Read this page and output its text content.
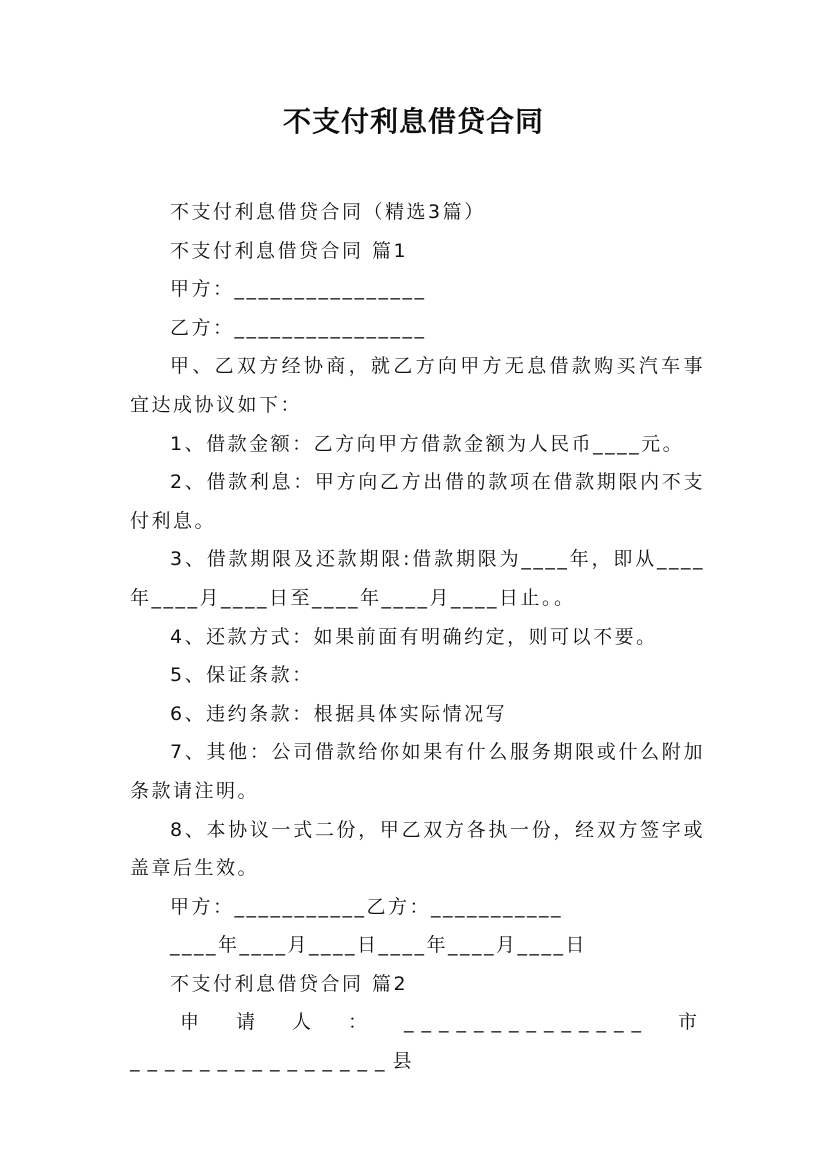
不支付利息借贷合同

不支付利息借贷合同（精选3篇）

不支付利息借贷合同 篇1

甲方：________________

乙方：________________

甲、乙双方经协商，就乙方向甲方无息借款购买汽车事宜达成协议如下：

1、借款金额：乙方向甲方借款金额为人民币____元。

2、借款利息：甲方向乙方出借的款项在借款期限内不支付利息。

3、借款期限及还款期限:借款期限为____年，即从____年____月____日至____年____月____日止。。

4、还款方式：如果前面有明确约定，则可以不要。

5、保证条款：

6、违约条款：根据具体实际情况写

7、其他：公司借款给你如果有什么服务期限或什么附加条款请注明。

8、本协议一式二份，甲乙双方各执一份，经双方签字或盖章后生效。

甲方：___________乙方：___________

____年____月____日____年____月____日

不支付利息借贷合同 篇2

申请人：______________市_______________县
